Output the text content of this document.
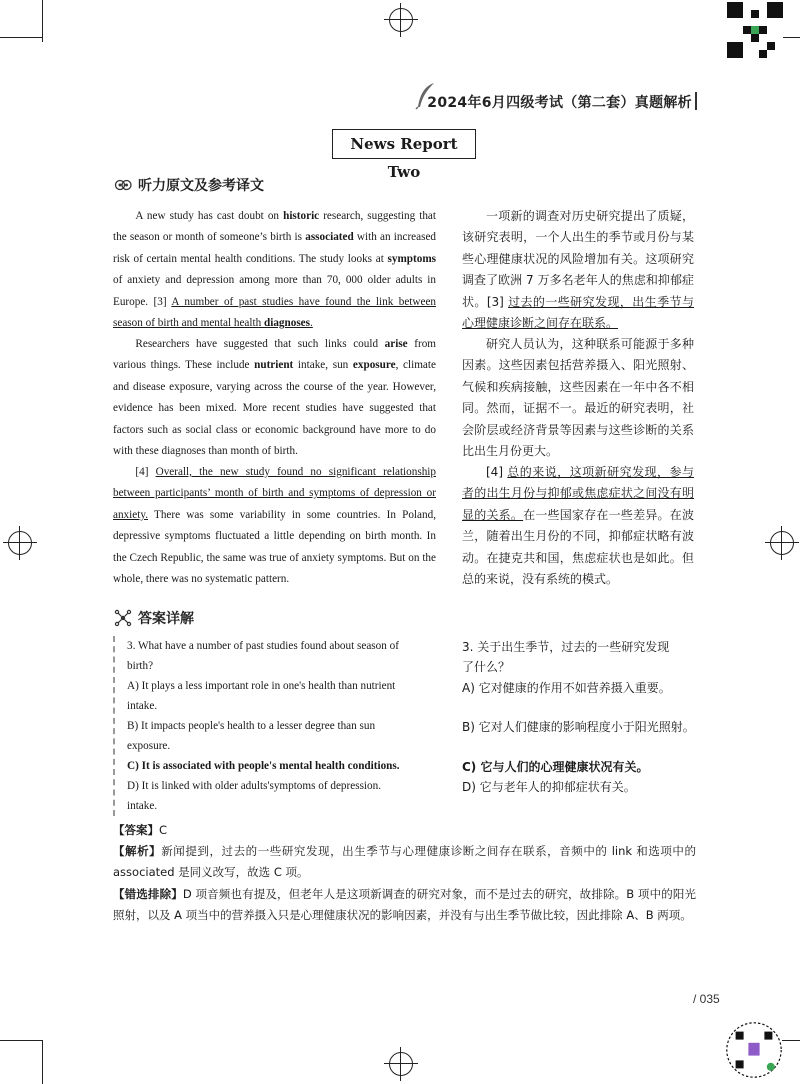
2024年6月四级考试（第二套）真题解析
News Report Two
听力原文及参考译文
A new study has cast doubt on historic research, suggesting that the season or month of someone’s birth is associated with an increased risk of certain mental health conditions. The study looks at symptoms of anxiety and depression among more than 70, 000 older adults in Europe. [3] A number of past studies have found the link between season of birth and mental health diagnoses.
Researchers have suggested that such links could arise from various things. These include nutrient intake, sun exposure, climate and disease exposure, varying across the course of the year. However, evidence has been mixed. More recent studies have suggested that factors such as social class or economic background have more to do with these diagnoses than month of birth.
[4] Overall, the new study found no significant relationship between participants’ month of birth and symptoms of depression or anxiety. There was some variability in some countries. In Poland, depressive symptoms fluctuated a little depending on birth month. In the Czech Republic, the same was true of anxiety symptoms. But on the whole, there was no systematic pattern.
一项新的调查对历史研究提出了质疑，该研究表明，一个人出生的季节或月份与某些心理健康状况的风险增加有关。这项研究调查了欧洲 7 万多名老年人的焦虑和抑郁症状。[3] 过去的一些研究发现，出生季节与心理健康诊断之间存在联系。
研究人员认为，这种联系可能源于多种因素。这些因素包括营养摄入、阳光照射、气候和疾病接触，这些因素在一年中各不相同。然而，证据不一。最近的研究表明，社会阶层或经济背景等因素与这些诊断的关系比出生月份更大。
[4] 总的来说，这项新研究发现，参与者的出生月份与抑郁或焦虑症状之间没有明显的关系。在一些国家存在一些差异。在波兰，随着出生月份的不同，抑郁症状略有波动。在捷克共和国，焦虑症状也是如此。但总的来说，没有系统的模式。
答案详解
3. What have a number of past studies found about season of
birth?
A) It plays a less important role in one's health than nutrient
intake.
B) It impacts people's health to a lesser degree than sun
exposure.
C) It is associated with people's mental health conditions.
D) It is linked with older adults'symptoms of depression.
intake.
3. 关于出生季节，过去的一些研究发现
了什么？
A) 它对健康的作用不如营养摄入重要。
B) 它对人们健康的影响程度小于阳光照射。
C) 它与人们的心理健康状况有关。
D) 它与老年人的抑郁症状有关。
【答案】C
【解析】新闻提到，过去的一些研究发现，出生季节与心理健康诊断之间存在联系，音频中的 link 和选项中的 associated 是同义改写，故选 C 项。
【错选排除】D 项音频也有提及，但老年人是这项新调查的研究对象，而不是过去的研究，故排除。B 项中的阳光照射，以及 A 项当中的营养摄入只是心理健康状况的影响因素，并没有与出生季节做比较，因此排除 A、B 两项。
/ 035
